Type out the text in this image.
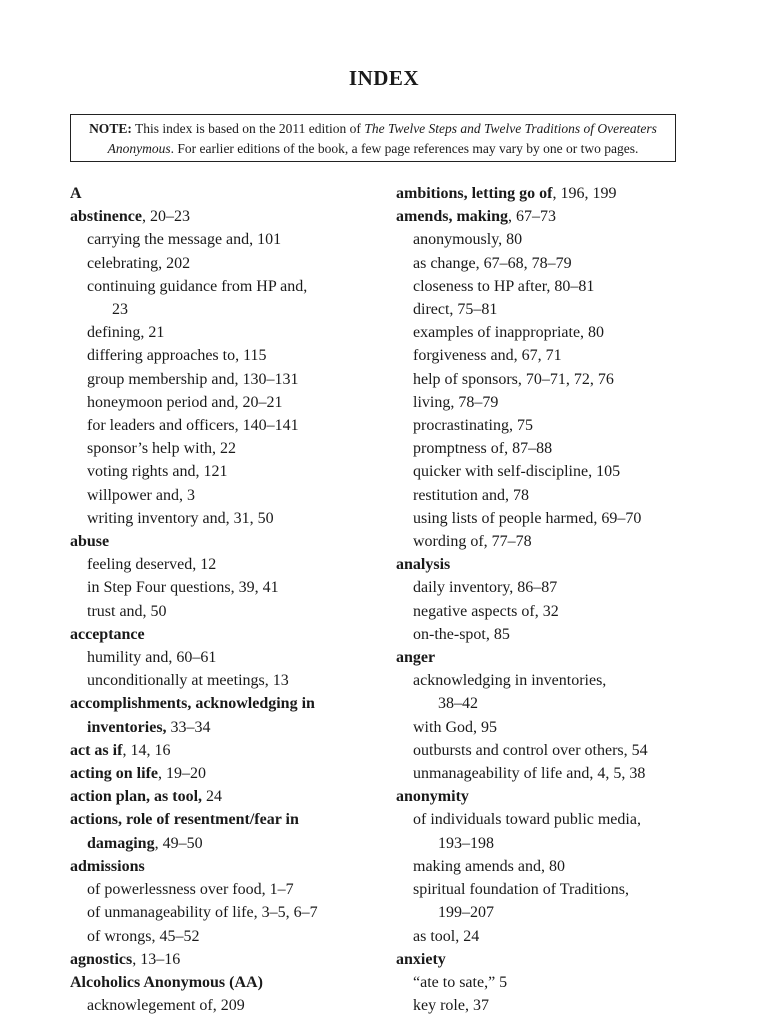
INDEX
NOTE: This index is based on the 2011 edition of The Twelve Steps and Twelve Traditions of Overeaters Anonymous. For earlier editions of the book, a few page references may vary by one or two pages.
A
abstinence, 20–23
carrying the message and, 101
celebrating, 202
continuing guidance from HP and,
23
defining, 21
differing approaches to, 115
group membership and, 130–131
honeymoon period and, 20–21
for leaders and officers, 140–141
sponsor’s help with, 22
voting rights and, 121
willpower and, 3
writing inventory and, 31, 50
abuse
feeling deserved, 12
in Step Four questions, 39, 41
trust and, 50
acceptance
humility and, 60–61
unconditionally at meetings, 13
accomplishments, acknowledging in
inventories, 33–34
act as if, 14, 16
acting on life, 19–20
action plan, as tool, 24
actions, role of resentment/fear in
damaging, 49–50
admissions
of powerlessness over food, 1–7
of unmanageability of life, 3–5, 6–7
of wrongs, 45–52
agnostics, 13–16
Alcoholics Anonymous (AA)
acknowlegement of, 209
ambitions, letting go of, 196, 199
amends, making, 67–73
anonymously, 80
as change, 67–68, 78–79
closeness to HP after, 80–81
direct, 75–81
examples of inappropriate, 80
forgiveness and, 67, 71
help of sponsors, 70–71, 72, 76
living, 78–79
procrastinating, 75
promptness of, 87–88
quicker with self-discipline, 105
restitution and, 78
using lists of people harmed, 69–70
wording of, 77–78
analysis
daily inventory, 86–87
negative aspects of, 32
on-the-spot, 85
anger
acknowledging in inventories,
38–42
with God, 95
outbursts and control over others, 54
unmanageability of life and, 4, 5, 38
anonymity
of individuals toward public media,
193–198
making amends and, 80
spiritual foundation of Traditions,
199–207
as tool, 24
anxiety
“ate to sate,” 5
key role, 37
